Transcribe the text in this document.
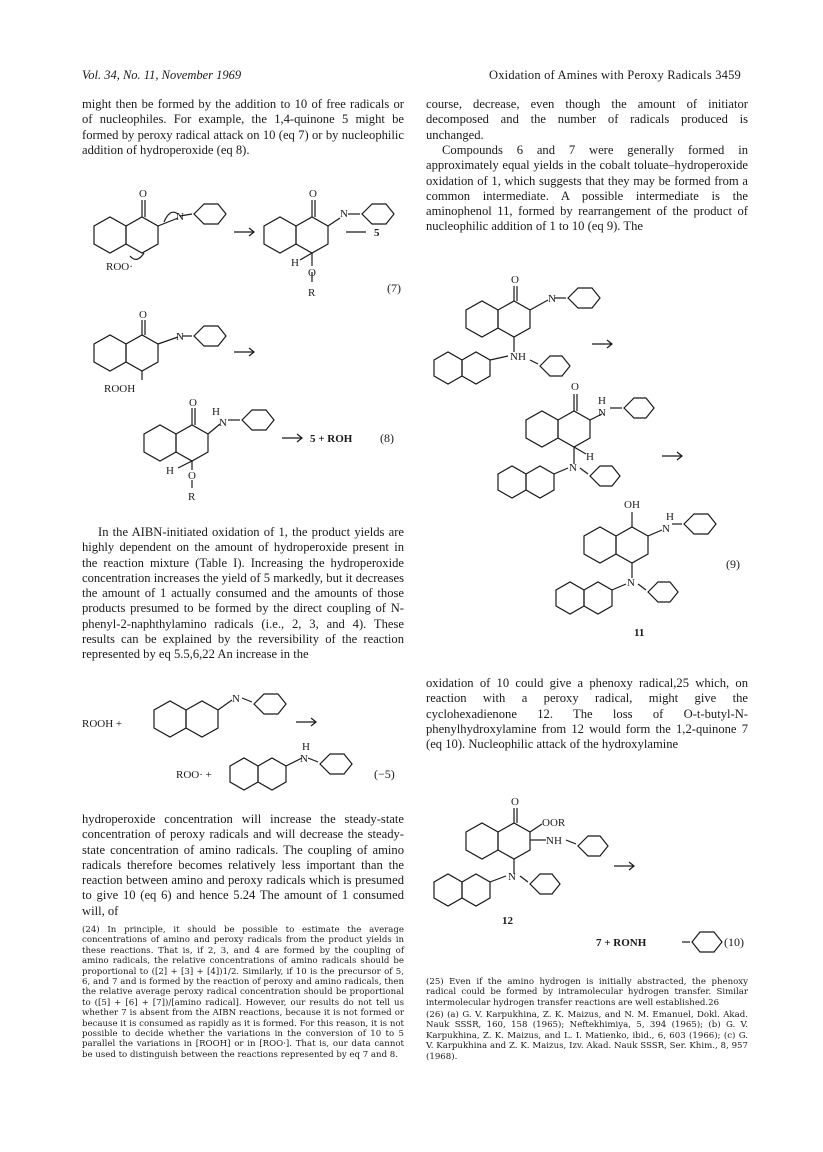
Vol. 34, No. 11, November 1969	Oxidation of Amines with Peroxy Radicals 3459

might then be formed by the addition to 10 of free radicals or of nucleophiles. For example, the 1,4-quinone 5 might be formed by peroxy radical attack on 10 (eq 7) or by nucleophilic addition of hydroperoxide (eq 8).

O
N
ROO·
O
N
H
O
R
5
(7)
O
N
ROOH
O
H
N
H O
R
5 + ROH (8)

In the AIBN-initiated oxidation of 1, the product yields are highly dependent on the amount of hydroperoxide present in the reaction mixture (Table I). Increasing the hydroperoxide concentration increases the yield of 5 markedly, but it decreases the amount of 1 actually consumed and the amounts of those products presumed to be formed by the direct coupling of N-phenyl-2-naphthylamino radicals (i.e., 2, 3, and 4). These results can be explained by the reversibility of the reaction represented by eq 5.5,6,22 An increase in the

ROOH +
N
ROO· +
H
N
(−5)

hydroperoxide concentration will increase the steady-state concentration of peroxy radicals and will decrease the steady-state concentration of amino radicals. The coupling of amino radicals therefore becomes relatively less important than the reaction between amino and peroxy radicals which is presumed to give 10 (eq 6) and hence 5.24 The amount of 1 consumed will, of

(24) In principle, it should be possible to estimate the average concentrations of amino and peroxy radicals from the product yields in these reactions. That is, if 2, 3, and 4 are formed by the coupling of amino radicals, the relative concentrations of amino radicals should be proportional to ([2] + [3] + [4])1/2. Similarly, if 10 is the precursor of 5, 6, and 7 and is formed by the reaction of peroxy and amino radicals, then the relative average peroxy radical concentration should be proportional to ([5] + [6] + [7])/[amino radical]. However, our results do not tell us whether 7 is absent from the AIBN reactions, because it is not formed or because it is consumed as rapidly as it is formed. For this reason, it is not possible to decide whether the variations in the conversion of 10 to 5 parallel the variations in [ROOH] or in [ROO·]. That is, our data cannot be used to distinguish between the reactions represented by eq 7 and 8.

course, decrease, even though the amount of initiator decomposed and the number of radicals produced is unchanged.

Compounds 6 and 7 were generally formed in approximately equal yields in the cobalt toluate–hydroperoxide oxidation of 1, which suggests that they may be formed from a common intermediate. A possible intermediate is the aminophenol 11, formed by rearrangement of the product of nucleophilic addition of 1 to 10 (eq 9). The

O
N
NH
O
H
N
H
N
OH
H
N
N
(9)
11

oxidation of 10 could give a phenoxy radical,25 which, on reaction with a peroxy radical, might give the cyclohexadienone 12. The loss of O-t-butyl-N-phenylhydroxylamine from 12 would form the 1,2-quinone 7 (eq 10). Nucleophilic attack of the hydroxylamine

O
OOR
NH
N
12
7 + RONH	(10)

(25) Even if the amino hydrogen is initially abstracted, the phenoxy radical could be formed by intramolecular hydrogen transfer. Similar intermolecular hydrogen transfer reactions are well established.26

(26) (a) G. V. Karpukhina, Z. K. Maizus, and N. M. Emanuel, Dokl. Akad. Nauk SSSR, 160, 158 (1965); Neftekhimiya, 5, 394 (1965); (b) G. V. Karpukhina, Z. K. Maizus, and L. I. Matienko, ibid., 6, 603 (1966); (c) G. V. Karpukhina and Z. K. Maizus, Izv. Akad. Nauk SSSR, Ser. Khim., 8, 957 (1968).
